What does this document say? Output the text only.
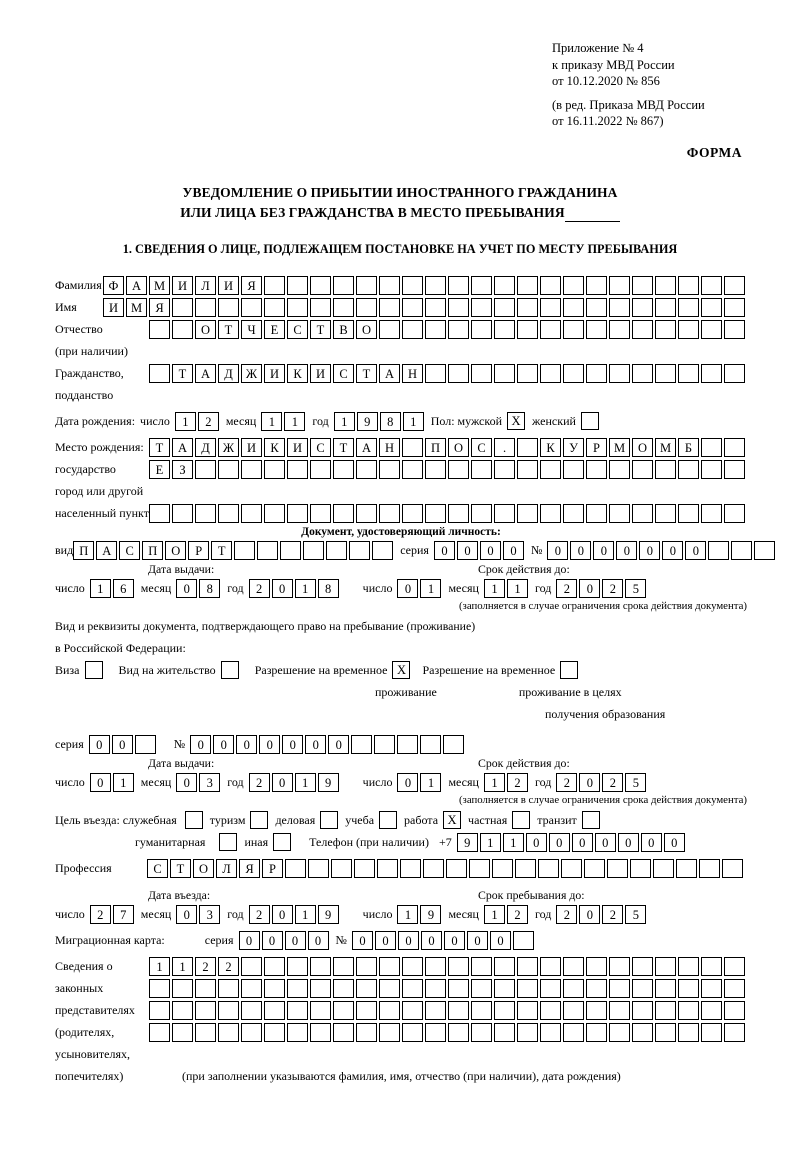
Приложение № 4
к приказу МВД России
от 10.12.2020 № 856
(в ред. Приказа МВД России
от 16.11.2022 № 867)
ФОРМА
УВЕДОМЛЕНИЕ О ПРИБЫТИИ ИНОСТРАННОГО ГРАЖДАНИНА
ИЛИ ЛИЦА БЕЗ ГРАЖДАНСТВА В МЕСТО ПРЕБЫВАНИЯ
1. СВЕДЕНИЯ О ЛИЦЕ, ПОДЛЕЖАЩЕМ ПОСТАНОВКЕ НА УЧЕТ ПО МЕСТУ ПРЕБЫВАНИЯ
Фамилия Ф	А	М	И	Л	И	Я
Имя	И	М	Я
Отчество	О	Т	Ч	Е	С	Т	В	О
(при наличии)
Гражданство,	Т	А	Д	Ж	И	К	И	С	Т	А	Н
подданство
Дата рождения: число 1	2	месяц 1	1	год 1	9	8	1	Пол: мужской X женский
Место рождения: Т	А	Д	Ж	И	К	И	С	Т	А	Н	П	О	С	.	К	У	Р	М	О	М	Б
государство	Е	З
город или другой
населенный пункт
Документ, удостоверяющий личность:
вид П	А	С	П	О	Р	Т	серия 0	0	0	0	№ 0	0	0	0	0	0	0
Дата выдачи:	Срок действия до:
число 1	6	месяц 0	8	год 2	0	1	8	число 0	1	месяц 1	1	год 2	0	2	5
(заполняется в случае ограничения срока действия документа)
Вид и реквизиты документа, подтверждающего право на пребывание (проживание)
в Российской Федерации:
Виза	Вид на жительство	Разрешение на временное X	Разрешение на временное
проживание	проживание в целях
получения образования
серия 0	0	№ 0	0	0	0	0	0	0
Дата выдачи:	Срок действия до:
число 0	1	месяц 0	3	год 2	0	1	9	число 0	1	месяц 1	2	год 2	0	2	5
(заполняется в случае ограничения срока действия документа)
Цель въезда: служебная	туризм	деловая	учеба	работа X частная	транзит
гуманитарная	иная	Телефон (при наличии) +7 9	1	1	0	0	0	0	0	0	0
Профессия	С	Т	О	Л	Я	Р
Дата въезда:	Срок пребывания до:
число 2	7	месяц 0	3	год 2	0	1	9	число 1	9	месяц 1	2	год 2	0	2	5
Миграционная карта:	серия 0	0	0	0	№ 0	0	0	0	0	0	0
Сведения о	1	1	2	2
законных
представителях
(родителях,
усыновителях,
попечителях)	(при заполнении указываются фамилия, имя, отчество (при наличии), дата рождения)
